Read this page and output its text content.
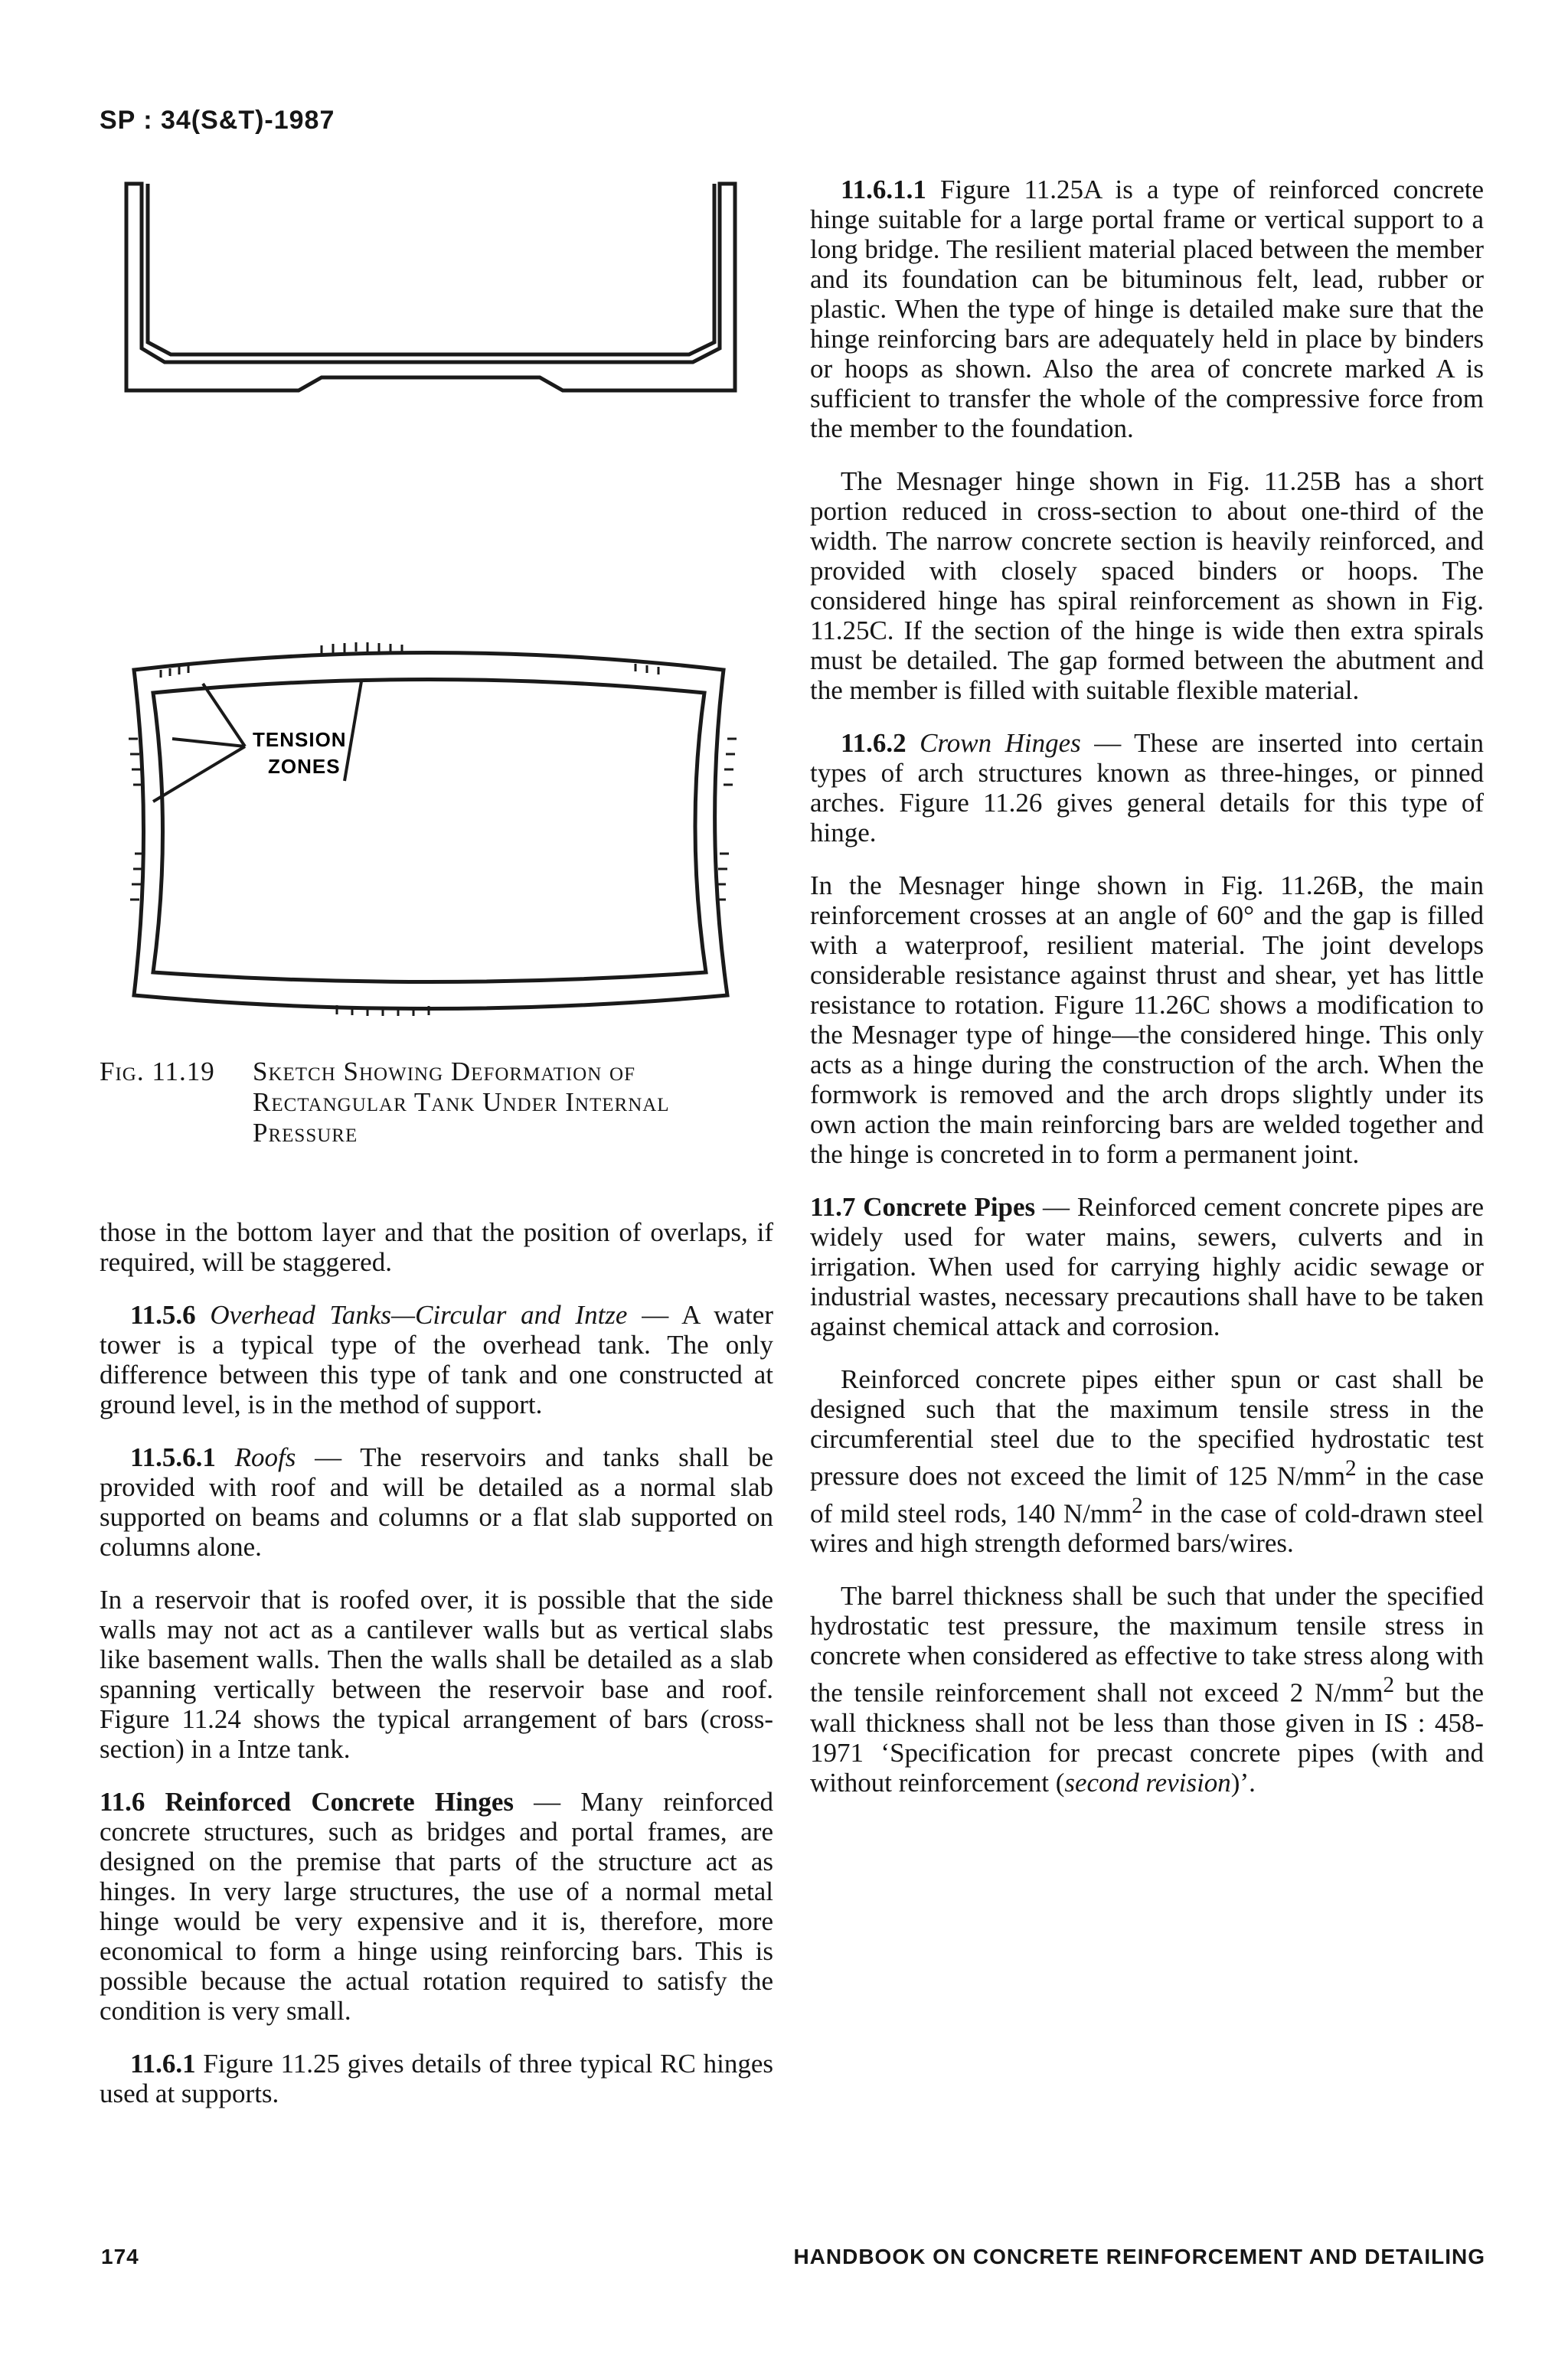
SP : 34(S&T)-1987
TENSION
ZONES
Fig. 11.19 Sketch Showing Deformation of Rectangular Tank Under Internal Pressure

those in the bottom layer and that the position of overlaps, if required, will be staggered.

11.5.6 Overhead Tanks—Circular and Intze — A water tower is a typical type of the overhead tank. The only difference between this type of tank and one constructed at ground level, is in the method of support.

11.5.6.1 Roofs — The reservoirs and tanks shall be provided with roof and will be detailed as a normal slab supported on beams and columns or a flat slab supported on columns alone.

In a reservoir that is roofed over, it is possible that the side walls may not act as a cantilever walls but as vertical slabs like basement walls. Then the walls shall be detailed as a slab spanning vertically between the reservoir base and roof. Figure 11.24 shows the typical arrangement of bars (cross-section) in a Intze tank.

11.6 Reinforced Concrete Hinges — Many reinforced concrete structures, such as bridges and portal frames, are designed on the premise that parts of the structure act as hinges. In very large structures, the use of a normal metal hinge would be very expensive and it is, therefore, more economical to form a hinge using reinforcing bars. This is possible because the actual rotation required to satisfy the condition is very small.

11.6.1 Figure 11.25 gives details of three typical RC hinges used at supports.

11.6.1.1 Figure 11.25A is a type of reinforced concrete hinge suitable for a large portal frame or vertical support to a long bridge. The resilient material placed between the member and its foundation can be bituminous felt, lead, rubber or plastic. When the type of hinge is detailed make sure that the hinge reinforcing bars are adequately held in place by binders or hoops as shown. Also the area of concrete marked A is sufficient to transfer the whole of the compressive force from the member to the foundation.

The Mesnager hinge shown in Fig. 11.25B has a short portion reduced in cross-section to about one-third of the width. The narrow concrete section is heavily reinforced, and provided with closely spaced binders or hoops. The considered hinge has spiral reinforcement as shown in Fig. 11.25C. If the section of the hinge is wide then extra spirals must be detailed. The gap formed between the abutment and the member is filled with suitable flexible material.

11.6.2 Crown Hinges — These are inserted into certain types of arch structures known as three-hinges, or pinned arches. Figure 11.26 gives general details for this type of hinge.

In the Mesnager hinge shown in Fig. 11.26B, the main reinforcement crosses at an angle of 60° and the gap is filled with a waterproof, resilient material. The joint develops considerable resistance against thrust and shear, yet has little resistance to rotation. Figure 11.26C shows a modification to the Mesnager type of hinge—the considered hinge. This only acts as a hinge during the construction of the arch. When the formwork is removed and the arch drops slightly under its own action the main reinforcing bars are welded together and the hinge is concreted in to form a permanent joint.

11.7 Concrete Pipes — Reinforced cement concrete pipes are widely used for water mains, sewers, culverts and in irrigation. When used for carrying highly acidic sewage or industrial wastes, necessary precautions shall have to be taken against chemical attack and corrosion.

Reinforced concrete pipes either spun or cast shall be designed such that the maximum tensile stress in the circumferential steel due to the specified hydrostatic test pressure does not exceed the limit of 125 $N/mm^2$ in the case of mild steel rods, 140 $N/mm^2$ in the case of cold-drawn steel wires and high strength deformed bars/wires.

The barrel thickness shall be such that under the specified hydrostatic test pressure, the maximum tensile stress in concrete when considered as effective to take stress along with the tensile reinforcement shall not exceed 2 $N/mm^2$ but the wall thickness shall not be less than those given in IS : 458-1971 ‘Specification for precast concrete pipes (with and without reinforcement (second revision)’.

174	HANDBOOK ON CONCRETE REINFORCEMENT AND DETAILING
